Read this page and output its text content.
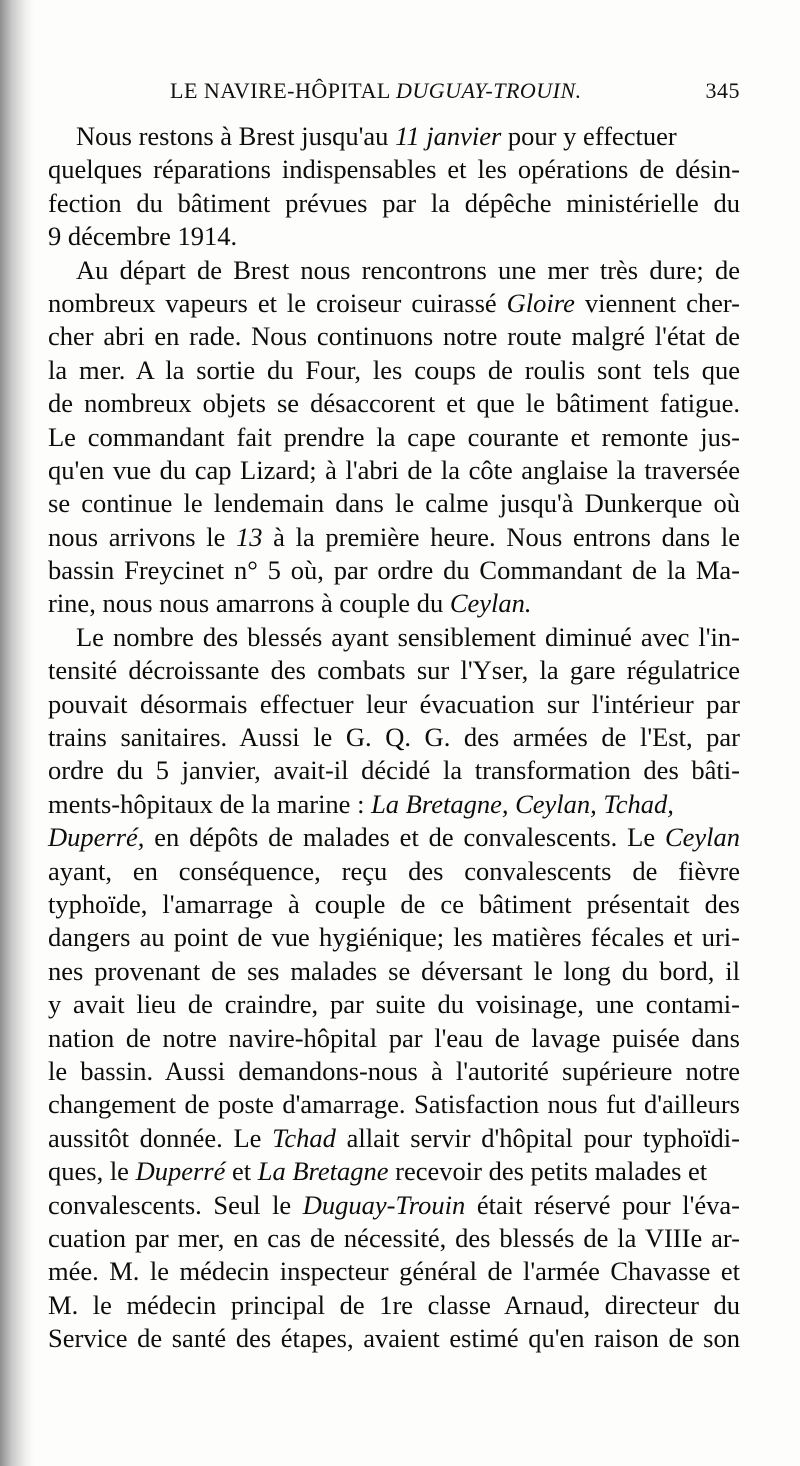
LE NAVIRE-HÔPITAL DUGUAY-TROUIN.	345
Nous restons à Brest jusqu'au 11 janvier pour y effectuer
quelques réparations indispensables et les opérations de désin-
fection du bâtiment prévues par la dépêche ministérielle du
9 décembre 1914.
Au départ de Brest nous rencontrons une mer très dure; de
nombreux vapeurs et le croiseur cuirassé Gloire viennent cher-
cher abri en rade. Nous continuons notre route malgré l'état de
la mer. A la sortie du Four, les coups de roulis sont tels que
de nombreux objets se désaccorent et que le bâtiment fatigue.
Le commandant fait prendre la cape courante et remonte jus-
qu'en vue du cap Lizard; à l'abri de la côte anglaise la traversée
se continue le lendemain dans le calme jusqu'à Dunkerque où
nous arrivons le 13 à la première heure. Nous entrons dans le
bassin Freycinet n° 5 où, par ordre du Commandant de la Ma-
rine, nous nous amarrons à couple du Ceylan.
Le nombre des blessés ayant sensiblement diminué avec l'in-
tensité décroissante des combats sur l'Yser, la gare régulatrice
pouvait désormais effectuer leur évacuation sur l'intérieur par
trains sanitaires. Aussi le G. Q. G. des armées de l'Est, par
ordre du 5 janvier, avait-il décidé la transformation des bâti-
ments-hôpitaux de la marine : La Bretagne, Ceylan, Tchad,
Duperré, en dépôts de malades et de convalescents. Le Ceylan
ayant, en conséquence, reçu des convalescents de fièvre
typhoïde, l'amarrage à couple de ce bâtiment présentait des
dangers au point de vue hygiénique; les matières fécales et uri-
nes provenant de ses malades se déversant le long du bord, il
y avait lieu de craindre, par suite du voisinage, une contami-
nation de notre navire-hôpital par l'eau de lavage puisée dans
le bassin. Aussi demandons-nous à l'autorité supérieure notre
changement de poste d'amarrage. Satisfaction nous fut d'ailleurs
aussitôt donnée. Le Tchad allait servir d'hôpital pour typhoïdi-
ques, le Duperré et La Bretagne recevoir des petits malades et
convalescents. Seul le Duguay-Trouin était réservé pour l'éva-
cuation par mer, en cas de nécessité, des blessés de la VIIIe ar-
mée. M. le médecin inspecteur général de l'armée Chavasse et
M. le médecin principal de 1re classe Arnaud, directeur du
Service de santé des étapes, avaient estimé qu'en raison de son
